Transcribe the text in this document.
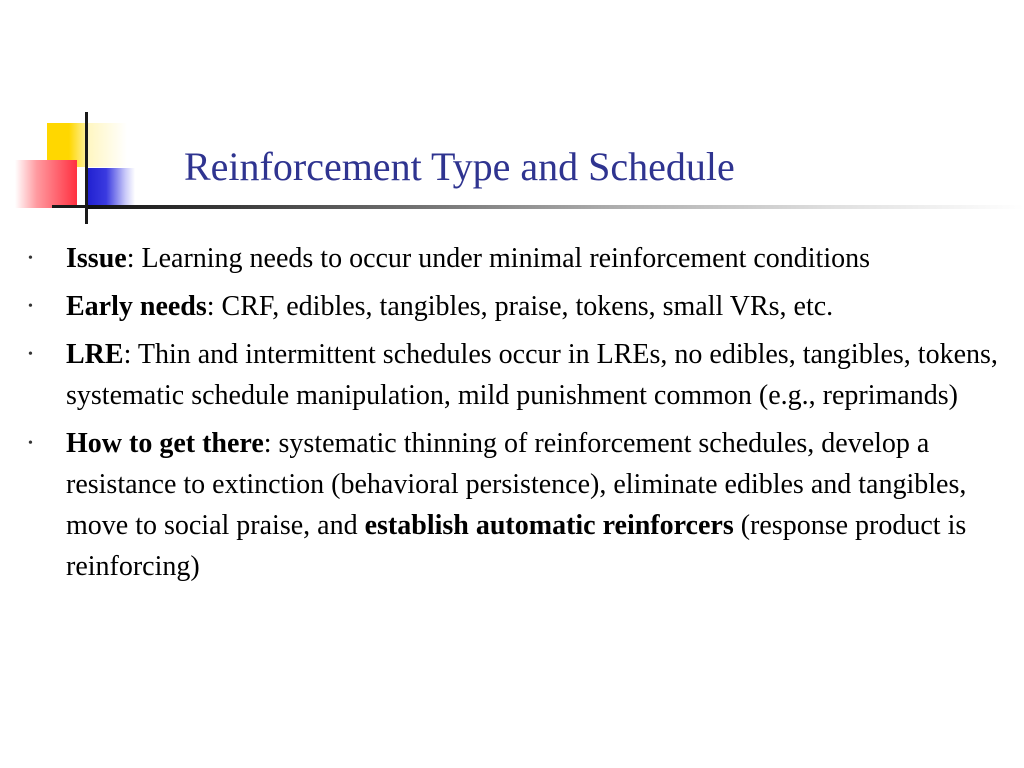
Reinforcement Type and Schedule
• Issue: Learning needs to occur under minimal reinforcement conditions
• Early needs: CRF, edibles, tangibles, praise, tokens, small VRs, etc.
• LRE: Thin and intermittent schedules occur in LREs, no edibles, tangibles, tokens, systematic schedule manipulation, mild punishment common (e.g., reprimands)
• How to get there: systematic thinning of reinforcement schedules, develop a resistance to extinction (behavioral persistence), eliminate edibles and tangibles, move to social praise, and establish automatic reinforcers (response product is reinforcing)
